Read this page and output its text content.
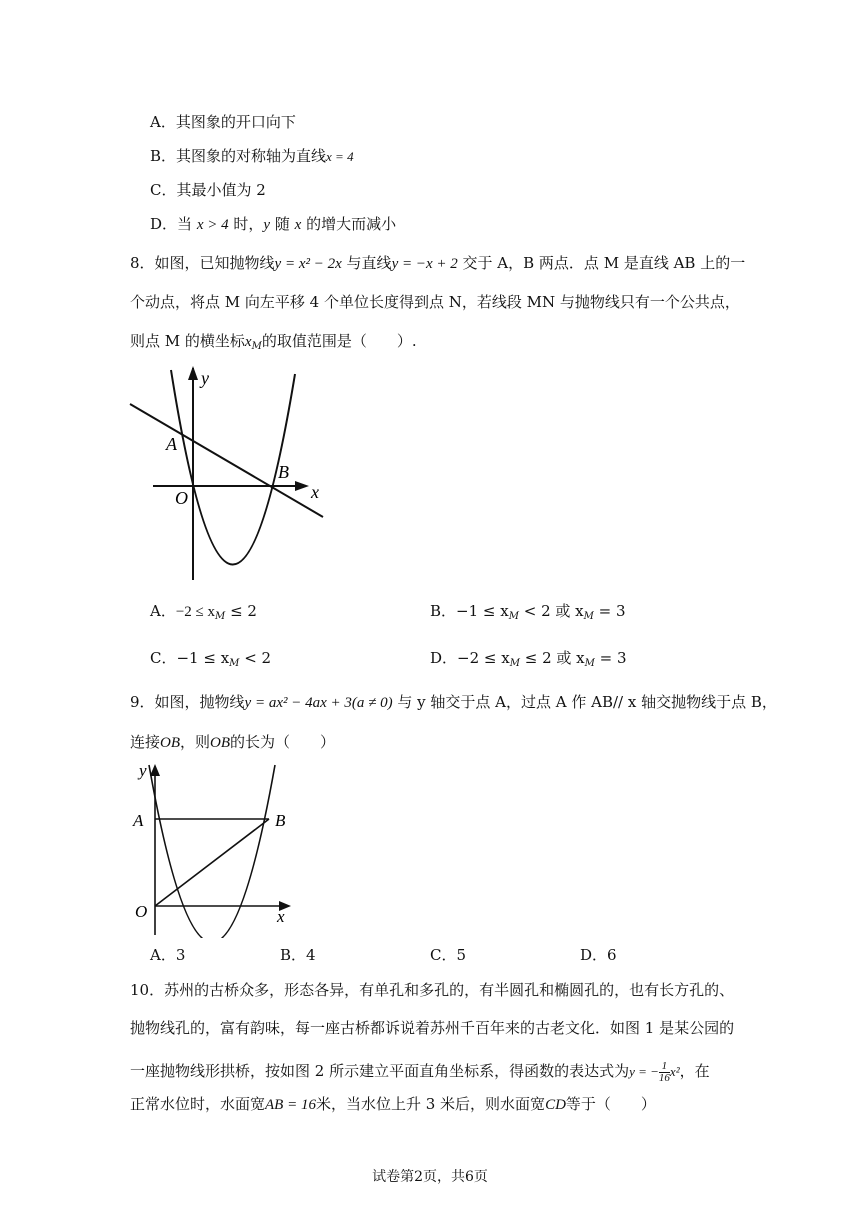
A．其图象的开口向下
B．其图象的对称轴为直线x = 4
C．其最小值为 2
D．当 x > 4 时，y 随 x 的增大而减小
8．如图，已知抛物线y = x² − 2x 与直线y = −x + 2 交于 A，B 两点．点 M 是直线 AB 上的一
个动点，将点 M 向左平移 4 个单位长度得到点 N，若线段 MN 与抛物线只有一个公共点，
则点 M 的横坐标$x_M$的取值范围是（　　）.
y
x
A
B
O
A．$-2 \le x_M \le 2$	B．$-1 \le x_M < 2$ 或 $x_M = 3$
C．$-1 \le x_M < 2$	D．$-2 \le x_M \le 2$ 或 $x_M = 3$
9．如图，抛物线y = ax² − 4ax + 3(a ≠ 0) 与 y 轴交于点 A，过点 A 作 AB// x 轴交抛物线于点 B，
连接OB，则OB的长为（　　）
y
x
A	B
O
A．3	B．4	C．5	D．6
10．苏州的古桥众多，形态各异，有单孔和多孔的，有半圆孔和椭圆孔的，也有长方孔的、
抛物线孔的，富有韵味，每一座古桥都诉说着苏州千百年来的古老文化．如图 1 是某公园的
一座抛物线形拱桥，按如图 2 所示建立平面直角坐标系，得函数的表达式为y = − $\frac{1}{16} x^2$，在
正常水位时，水面宽AB = 16米，当水位上升 3 米后，则水面宽CD等于（　　）
试卷第2页，共6页
